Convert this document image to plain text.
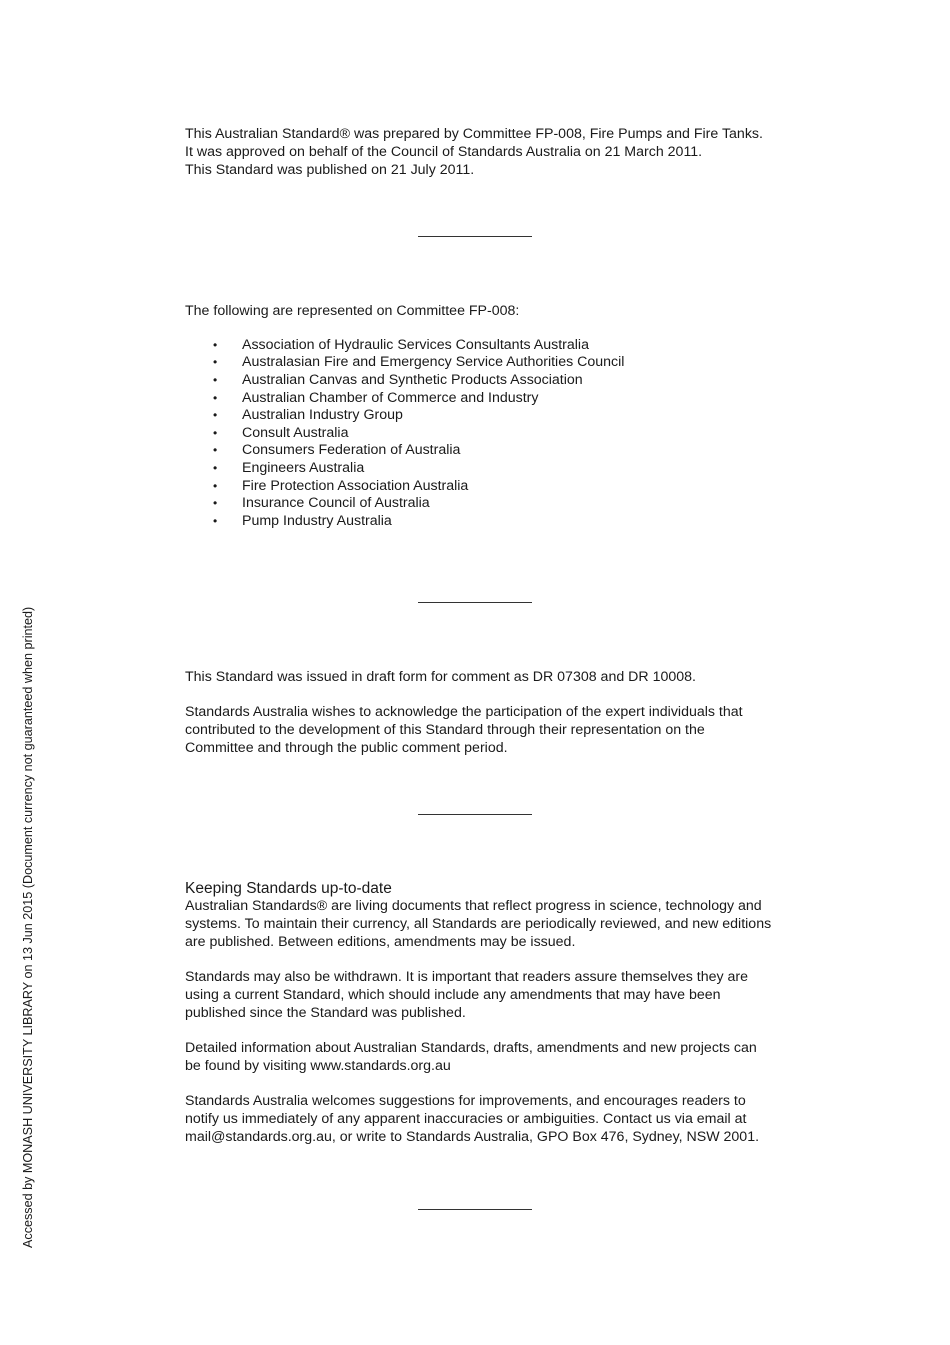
This Australian Standard® was prepared by Committee FP-008, Fire Pumps and Fire Tanks.

It was approved on behalf of the Council of Standards Australia on 21 March 2011.

This Standard was published on 21 July 2011.

The following are represented on Committee FP-008:

• Association of Hydraulic Services Consultants Australia
• Australasian Fire and Emergency Service Authorities Council
• Australian Canvas and Synthetic Products Association
• Australian Chamber of Commerce and Industry
• Australian Industry Group
• Consult Australia
• Consumers Federation of Australia
• Engineers Australia
• Fire Protection Association Australia
• Insurance Council of Australia
• Pump Industry Australia

This Standard was issued in draft form for comment as DR 07308 and DR 10008.

Standards Australia wishes to acknowledge the participation of the expert individuals that

contributed to the development of this Standard through their representation on the

Committee and through the public comment period.

Keeping Standards up-to-date

Australian Standards® are living documents that reflect progress in science, technology and

systems. To maintain their currency, all Standards are periodically reviewed, and new editions

are published. Between editions, amendments may be issued.

Standards may also be withdrawn. It is important that readers assure themselves they are

using a current Standard, which should include any amendments that may have been

published since the Standard was published.

Detailed information about Australian Standards, drafts, amendments and new projects can

be found by visiting www.standards.org.au

Standards Australia welcomes suggestions for improvements, and encourages readers to

notify us immediately of any apparent inaccuracies or ambiguities. Contact us via email at

mail@standards.org.au, or write to Standards Australia, GPO Box 476, Sydney, NSW 2001.

Accessed by MONASH UNIVERSITY LIBRARY on 13 Jun 2015 (Document currency not guaranteed when printed)
